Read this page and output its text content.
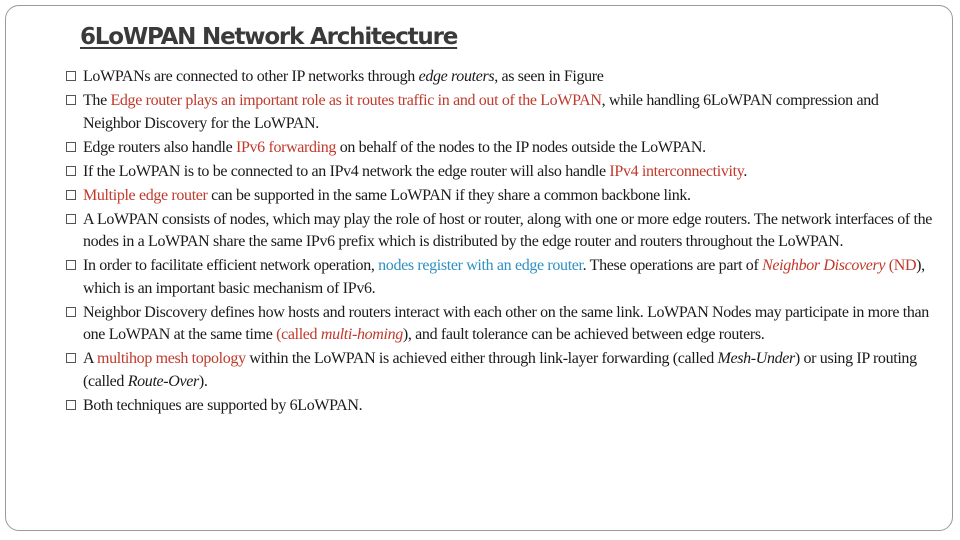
6LoWPAN Network Architecture
LoWPANs are connected to other IP networks through edge routers, as seen in Figure
The Edge router plays an important role as it routes traffic in and out of the LoWPAN, while handling 6LoWPAN compression and Neighbor Discovery for the LoWPAN.
Edge routers also handle IPv6 forwarding on behalf of the nodes to the IP nodes outside the LoWPAN.
If the LoWPAN is to be connected to an IPv4 network the edge router will also handle IPv4 interconnectivity.
Multiple edge router can be supported in the same LoWPAN if they share a common backbone link.
A LoWPAN consists of nodes, which may play the role of host or router, along with one or more edge routers. The network interfaces of the nodes in a LoWPAN share the same IPv6 prefix which is distributed by the edge router and routers throughout the LoWPAN.
In order to facilitate efficient network operation, nodes register with an edge router. These operations are part of Neighbor Discovery (ND), which is an important basic mechanism of IPv6.
Neighbor Discovery defines how hosts and routers interact with each other on the same link. LoWPAN Nodes may participate in more than one LoWPAN at the same time (called multi-homing), and fault tolerance can be achieved between edge routers.
A multihop mesh topology within the LoWPAN is achieved either through link-layer forwarding (called Mesh-Under) or using IP routing (called Route-Over).
Both techniques are supported by 6LoWPAN.
